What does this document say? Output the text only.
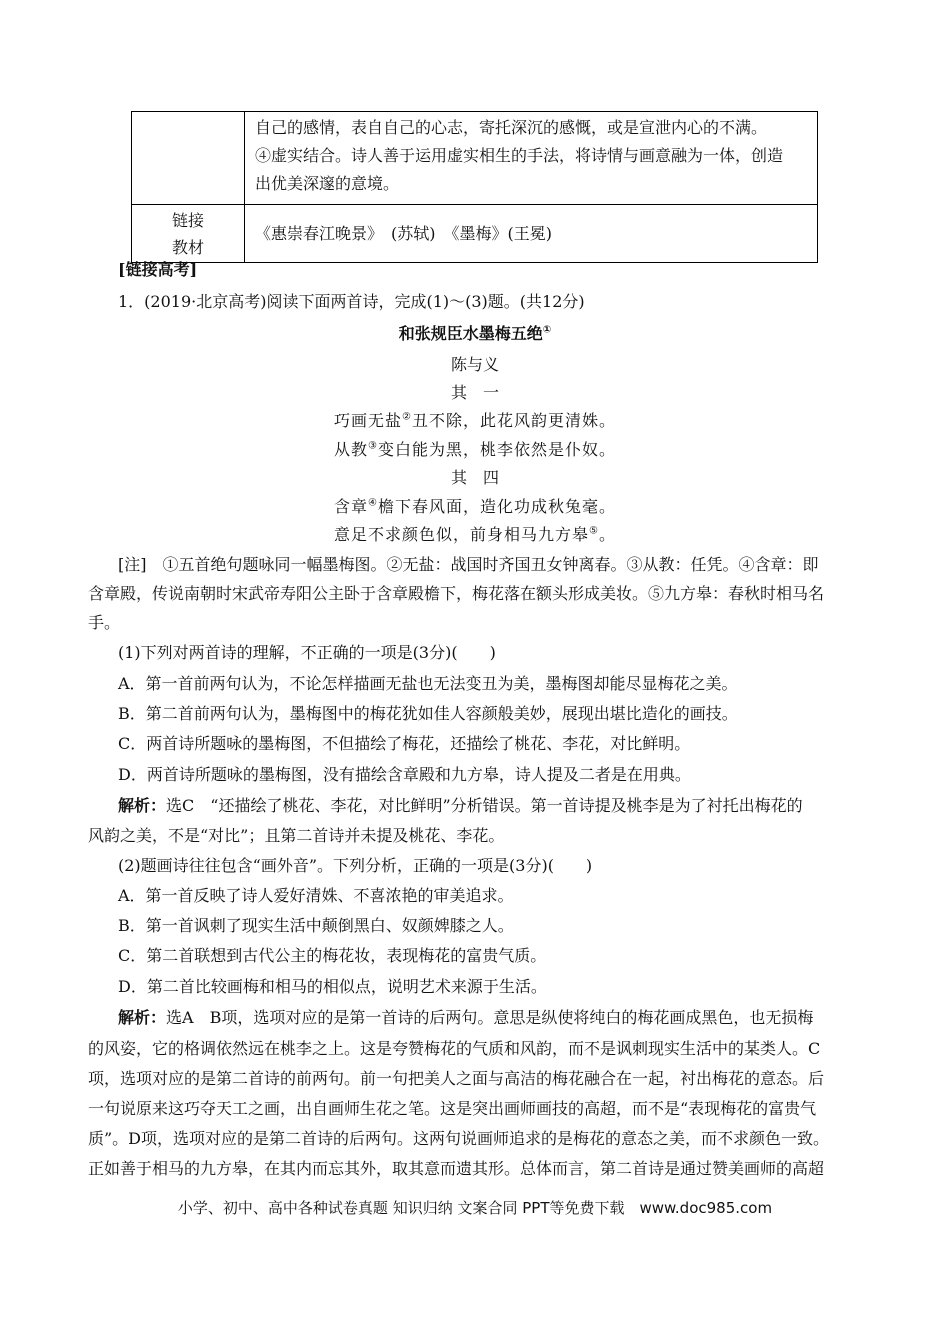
	自己的感情，表自自己的心志，寄托深沉的感慨，或是宣泄内心的不满。
④虚实结合。诗人善于运用虚实相生的手法，将诗情与画意融为一体，创造
出优美深邃的意境。

链接
教材	《惠崇春江晚景》　(苏轼)　《墨梅》(王冕)
[链接高考]
1．(2019·北京高考)阅读下面两首诗，完成(1)～(3)题。(共12分)
和张规臣水墨梅五绝①
陈与义
其　一
巧画无盐②丑不除，此花风韵更清姝。
从教③变白能为黑，桃李依然是仆奴。
其　四
含章④檐下春风面，造化功成秋兔毫。
意足不求颜色似，前身相马九方皋⑤。
[注]　①五首绝句题咏同一幅墨梅图。②无盐：战国时齐国丑女钟离春。③从教：任凭。④含章：即
含章殿，传说南朝时宋武帝寿阳公主卧于含章殿檐下，梅花落在额头形成美妆。⑤九方皋：春秋时相马名
手。
(1)下列对两首诗的理解，不正确的一项是(3分)(　　)
A．第一首前两句认为，不论怎样描画无盐也无法变丑为美，墨梅图却能尽显梅花之美。
B．第二首前两句认为，墨梅图中的梅花犹如佳人容颜般美妙，展现出堪比造化的画技。
C．两首诗所题咏的墨梅图，不但描绘了梅花，还描绘了桃花、李花，对比鲜明。
D．两首诗所题咏的墨梅图，没有描绘含章殿和九方皋，诗人提及二者是在用典。
解析：选C　“还描绘了桃花、李花，对比鲜明”分析错误。第一首诗提及桃李是为了衬托出梅花的
风韵之美，不是“对比”；且第二首诗并未提及桃花、李花。
(2)题画诗往往包含“画外音”。下列分析，正确的一项是(3分)(　　)
A．第一首反映了诗人爱好清姝、不喜浓艳的审美追求。
B．第一首讽刺了现实生活中颠倒黑白、奴颜婢膝之人。
C．第二首联想到古代公主的梅花妆，表现梅花的富贵气质。
D．第二首比较画梅和相马的相似点，说明艺术来源于生活。
解析：选A　B项，选项对应的是第一首诗的后两句。意思是纵使将纯白的梅花画成黑色，也无损梅
的风姿，它的格调依然远在桃李之上。这是夸赞梅花的气质和风韵，而不是讽刺现实生活中的某类人。C
项，选项对应的是第二首诗的前两句。前一句把美人之面与高洁的梅花融合在一起，衬出梅花的意态。后
一句说原来这巧夺天工之画，出自画师生花之笔。这是突出画师画技的高超，而不是“表现梅花的富贵气
质”。D项，选项对应的是第二首诗的后两句。这两句说画师追求的是梅花的意态之美，而不求颜色一致。
正如善于相马的九方皋，在其内而忘其外，取其意而遗其形。总体而言，第二首诗是通过赞美画师的高超
小学、初中、高中各种试卷真题 知识归纳 文案合同 PPT等免费下载　www.doc985.com
